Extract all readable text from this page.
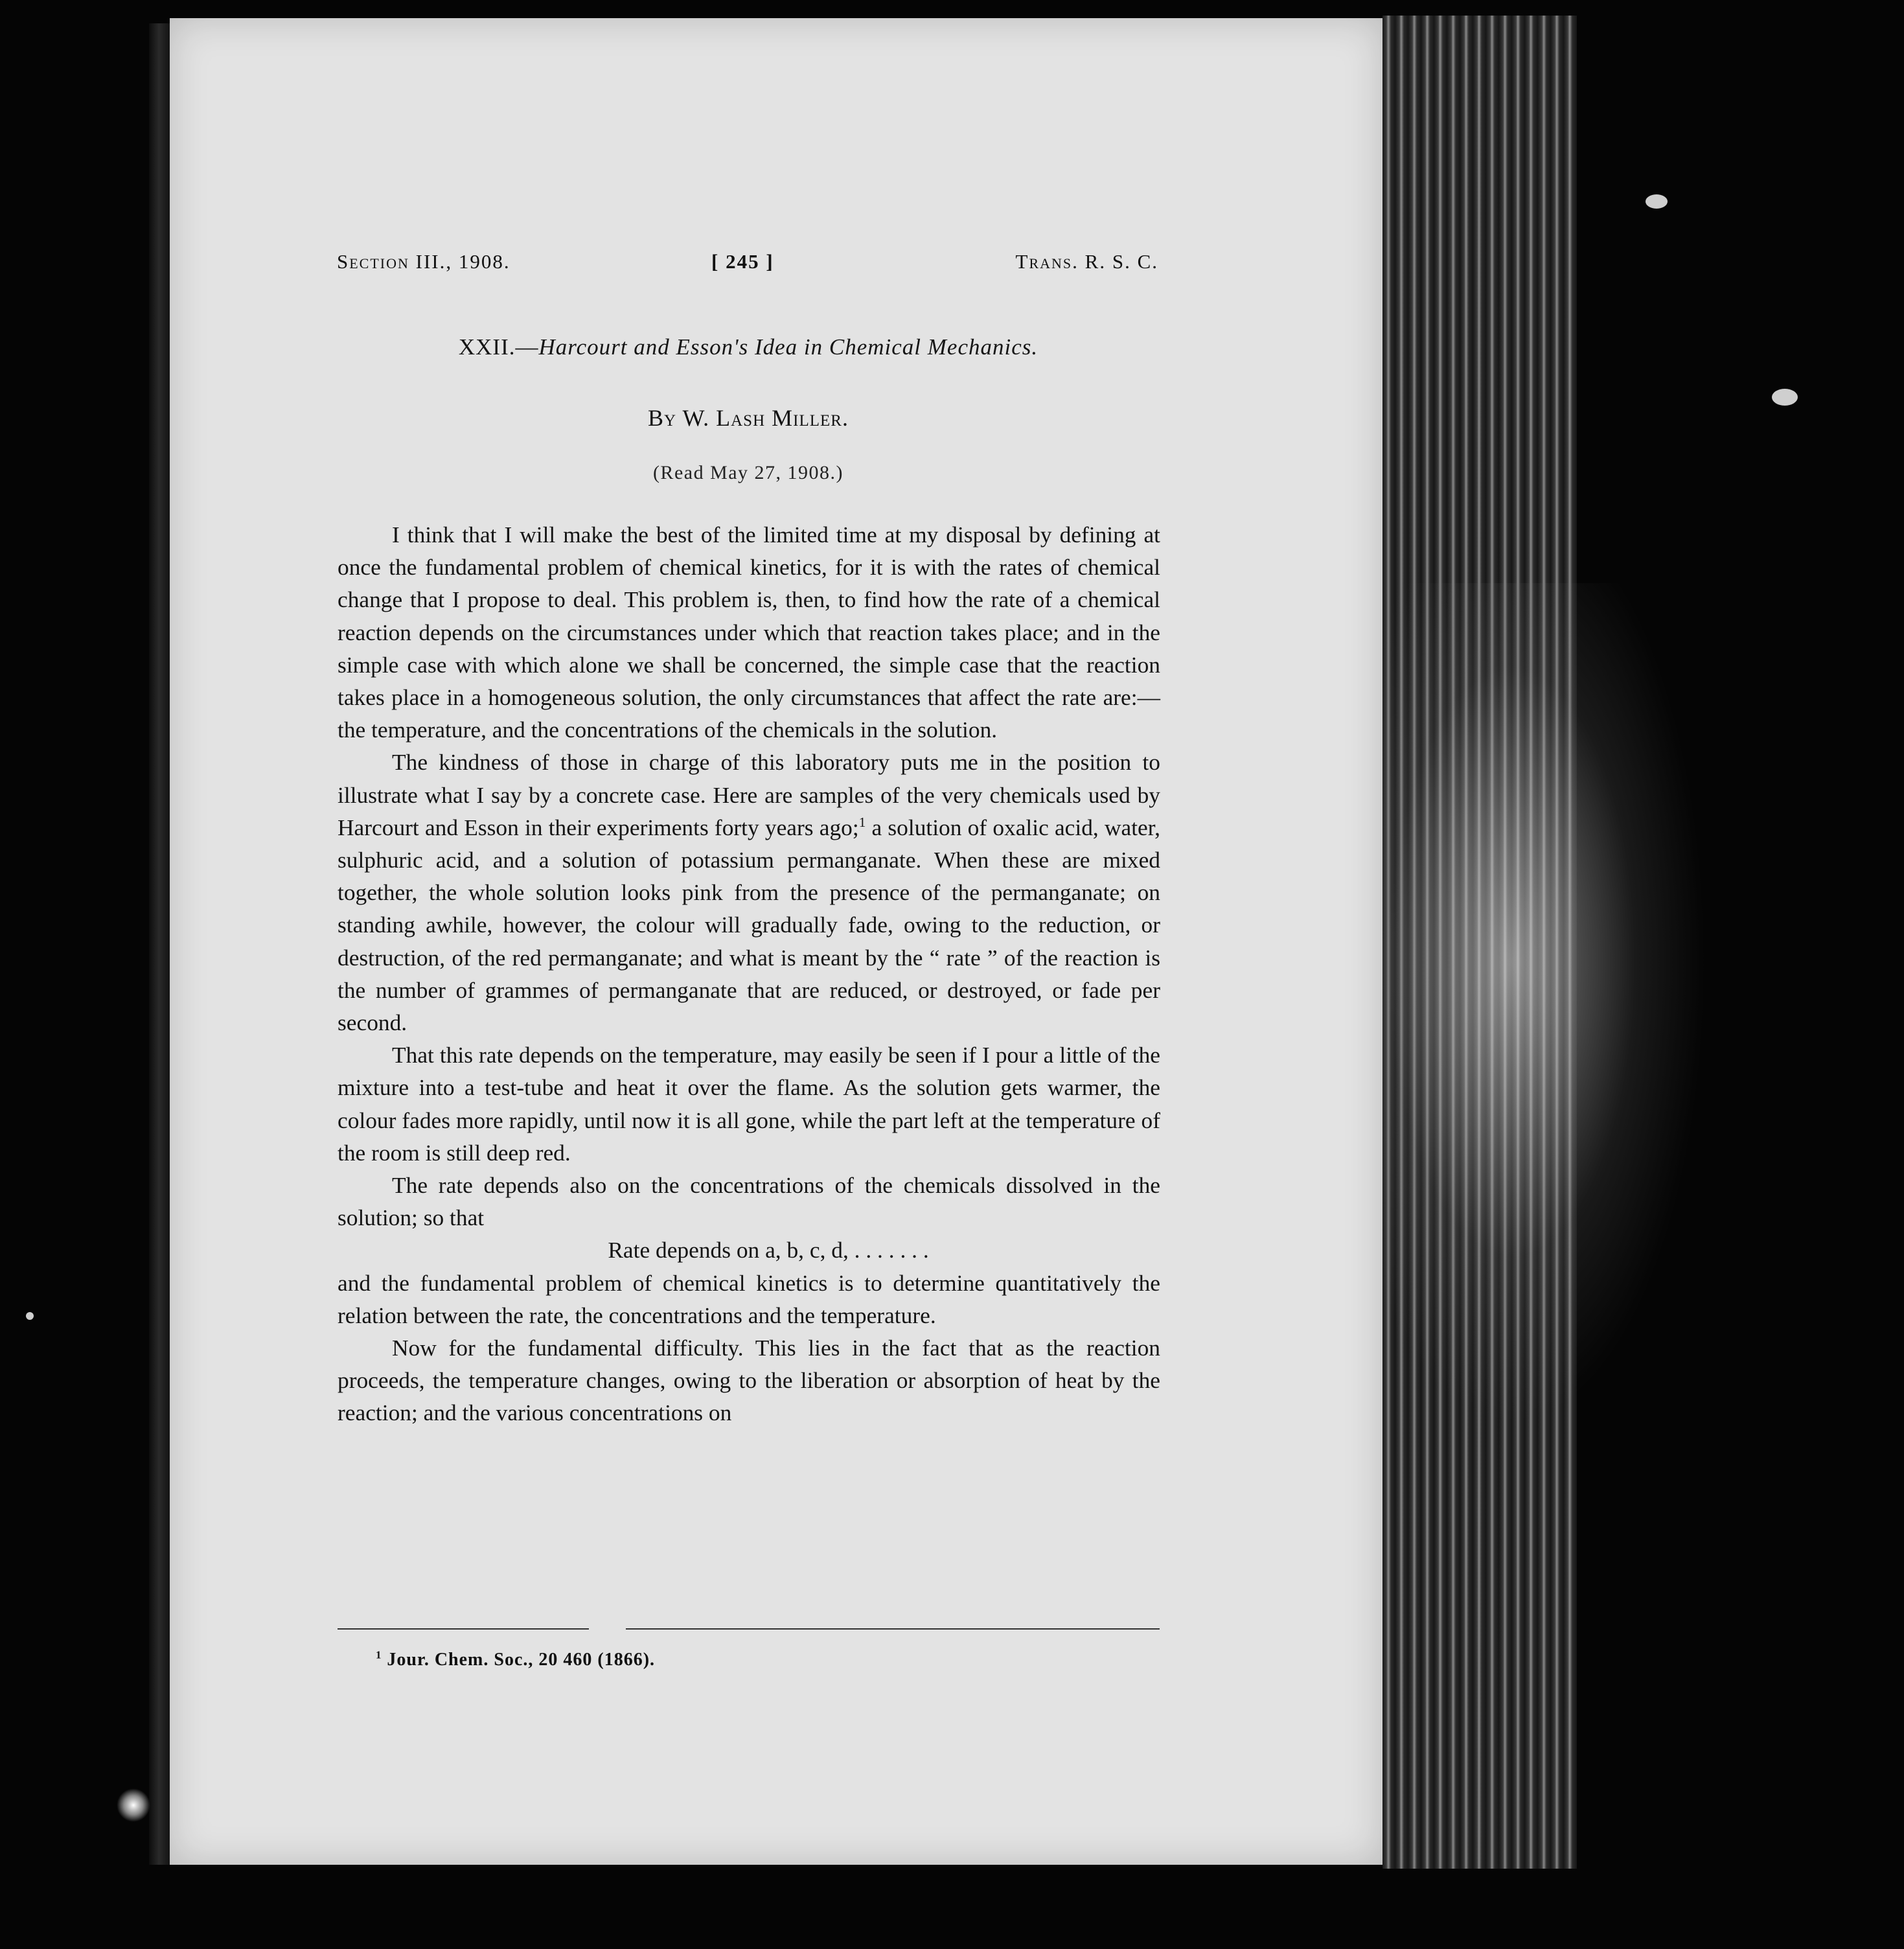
Section III., 1908.	[ 245 ]	Trans. R. S. C.
XXII.—Harcourt and Esson's Idea in Chemical Mechanics.
By W. Lash Miller.
(Read May 27, 1908.)

I think that I will make the best of the limited time at my disposal by defining at once the fundamental problem of chemical kinetics, for it is with the rates of chemical change that I propose to deal. This problem is, then, to find how the rate of a chemical reaction depends on the circumstances under which that reaction takes place; and in the simple case with which alone we shall be concerned, the simple case that the reaction takes place in a homogeneous solution, the only circumstances that affect the rate are:—the temperature, and the concentrations of the chemicals in the solution.

The kindness of those in charge of this laboratory puts me in the position to illustrate what I say by a concrete case. Here are samples of the very chemicals used by Harcourt and Esson in their experiments forty years ago;$^1$ a solution of oxalic acid, water, sulphuric acid, and a solution of potassium permanganate. When these are mixed together, the whole solution looks pink from the presence of the permanganate; on standing awhile, however, the colour will gradually fade, owing to the reduction, or destruction, of the red permanganate; and what is meant by the “ rate ” of the reaction is the number of grammes of permanganate that are reduced, or destroyed, or fade per second.

That this rate depends on the temperature, may easily be seen if I pour a little of the mixture into a test-tube and heat it over the flame. As the solution gets warmer, the colour fades more rapidly, until now it is all gone, while the part left at the temperature of the room is still deep red.

The rate depends also on the concentrations of the chemicals dissolved in the solution; so that

Rate depends on a, b, c, d, . . . . . . .

and the fundamental problem of chemical kinetics is to determine quantitatively the relation between the rate, the concentrations and the temperature.

Now for the fundamental difficulty. This lies in the fact that as the reaction proceeds, the temperature changes, owing to the liberation or absorption of heat by the reaction; and the various concentrations on

$^1$ Jour. Chem. Soc., 20 460 (1866).
